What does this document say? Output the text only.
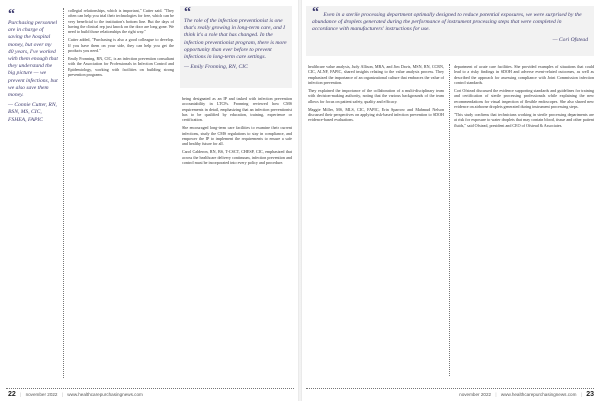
“
Purchasing personnel are in charge of saving the hospital money, but over my 40 years, I've worked with them enough that they understand the big picture — we prevent infections, but we also save them money.
— Connie Cutter, RN, BSN, MS, CIC, FSHEA, FAPIC

collegial relationships, which is important," Cutter said. "They often can help you trial their technologies for free, which can be very beneficial to the institution's bottom line. But the days of having the clinical rep just knock on the door are long gone. We need to build those relationships the right way."

Cutter added, "Purchasing is also a good colleague to develop. If you have them on your side, they can help you get the products you need."

Emily Fronning, RN, CIC, is an infection prevention consultant with the Association for Professionals in Infection Control and Epidemiology, working with facilities on building strong prevention programs.

“
The role of the infection preventionist is one that's really growing in long-term care, and I think it's a role that has changed. In the infection preventionist program, there is more opportunity than ever before to prevent infections in long-term care settings.
— Emily Fronning, RN, CIC

being designated as an IP and tasked with infection prevention accountability in LTCFs. Fronning reviewed how CMS requirements in detail, emphasizing that an infection preventionist has to be qualified by education, training, experience or certification.

She encouraged long-term care facilities to examine their current infections, study the CMS regulations to stay in compliance, and empower the IP to implement the requirements to ensure a safe and healthy future for all.

Carol Calderon, RN, BS, T-CSCT, CHESP, CIC, emphasized that across the healthcare delivery continuum, infection prevention and control must be incorporated into every policy and procedure.

22 | november 2022 | www.healthcarepurchasingnews.com
“ Even in a sterile processing department optimally designed to reduce potential exposures, we were surprised by the abundance of droplets generated during the performance of instrument processing steps that were completed in accordance with manufacturers' instructions for use.
— Cori Ofstead

healthcare value analysis, Judy Allison, MBA, and Jim Davis, MSN, RN, CCRN, CIC, ALNF, FAPIC, shared insights relating to the value analysis process. They emphasized the importance of an organizational culture that embraces the value of infection prevention.

They explained the importance of the collaboration of a multi-disciplinary team with decision-making authority, noting that the various backgrounds of the team allows for focus on patient safety, quality and efficacy.

Maggie Miller, MS, MLS, CIC, FAPIC, Erin Sparrow and Mahmud Nelson discussed their perspectives on applying risk-based infection prevention to SDOH evidence-based evaluations.

department of acute care facilities. She provided examples of situations that could lead to a risky findings in SDOH and adverse event-related outcomes, as well as described the approach for assessing compliance with Joint Commission infection control standards.

Cori Ofstead discussed the evidence supporting standards and guidelines for training and certification of sterile processing professionals while explaining the new recommendations for visual inspection of flexible endoscopes. She also shared new evidence on airborne droplets generated during instrument processing steps.

"This study confirms that technicians working in sterile processing departments are at risk for exposure to water droplets that may contain blood, tissue and other patient fluids," said Ofstead, president and CEO of Ofstead & Associates.

november 2022 | www.healthcarepurchasingnews.com | 23
